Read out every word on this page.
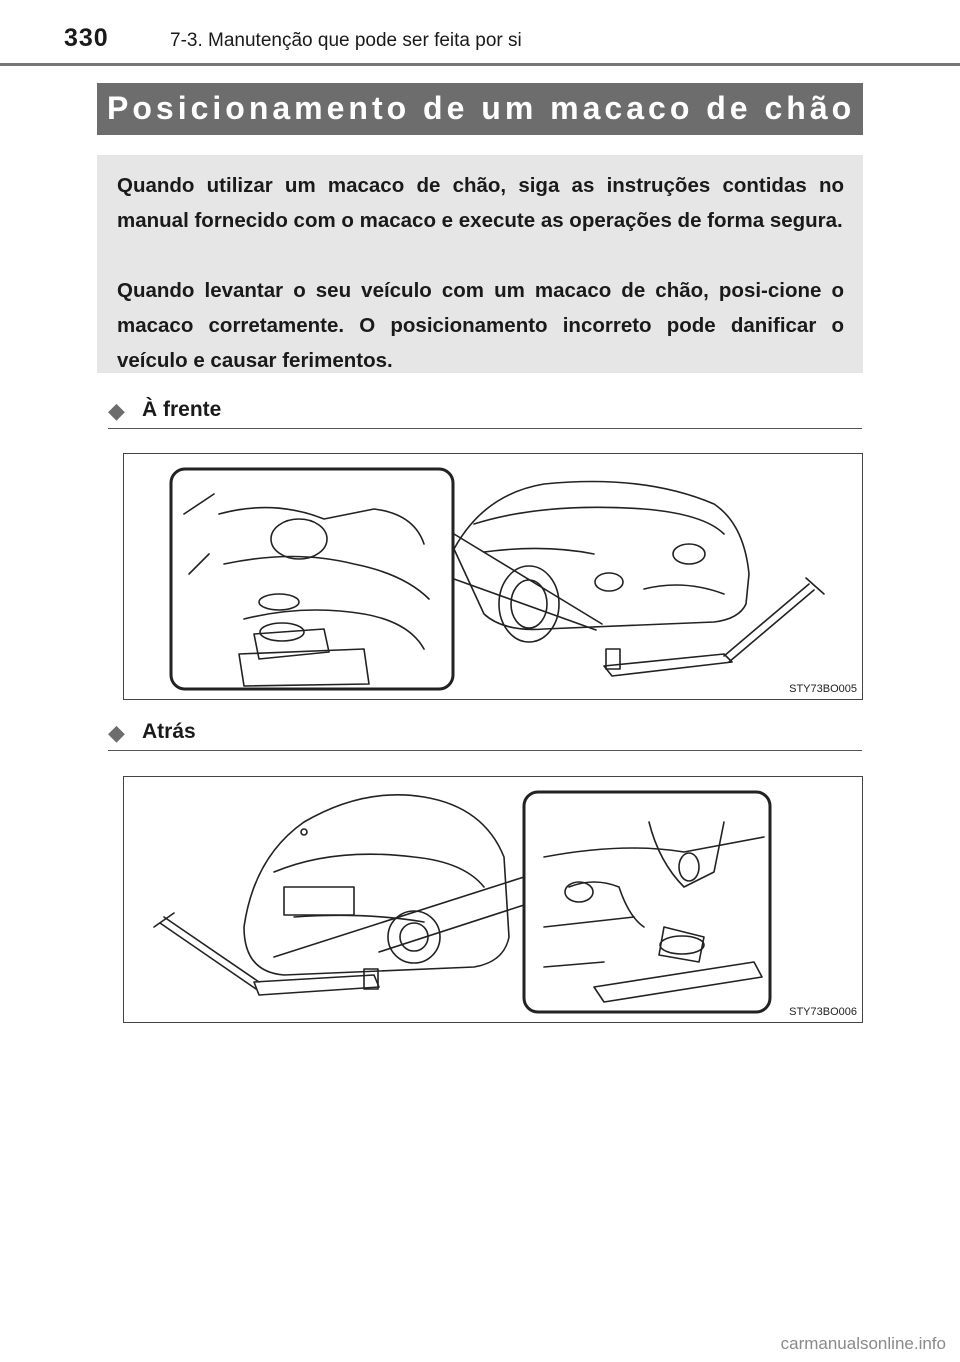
330	7-3. Manutenção que pode ser feita por si
Posicionamento de um macaco de chão

Quando utilizar um macaco de chão, siga as instruções contidas no manual fornecido com o macaco e execute as operações de forma segura.

Quando levantar o seu veículo com um macaco de chão, posi-cione o macaco corretamente. O posicionamento incorreto pode danificar o veículo e causar ferimentos.

◆ À frente
STY73BO005
◆ Atrás
STY73BO006
carmanualsonline.info
